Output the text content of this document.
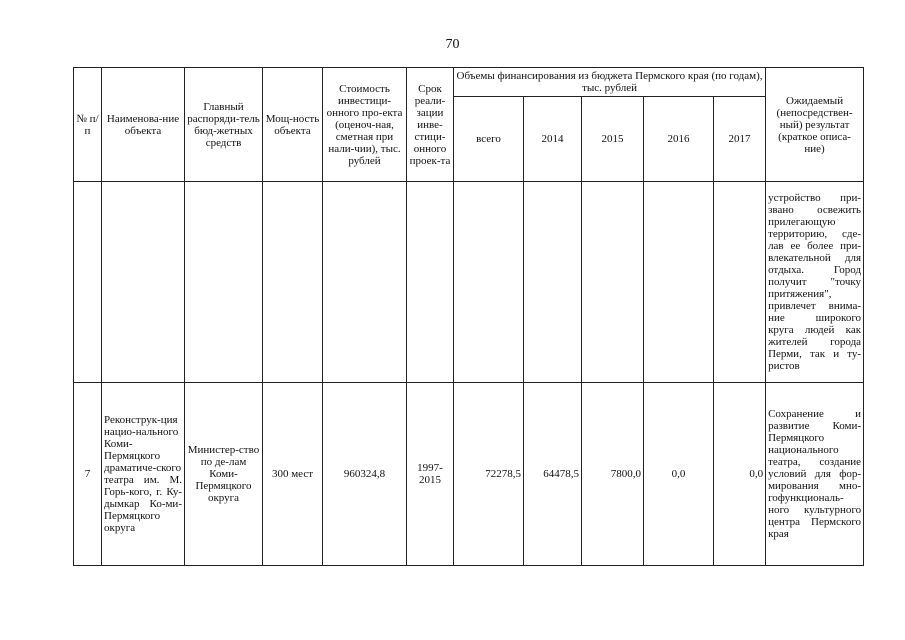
70
№ п/п	Наименова-ние объекта	Главный распоряди-тель бюд-жетных средств	Мощ-ность объекта	Стоимость инвестици-онного про-екта (оценоч-ная, сметная при нали-чии), тыс. рублей	Срок реали-зации инве-стици-онного проек-та	Объемы финансирования из бюджета Пермского края (по годам), тыс. рублей					Ожидаемый (непосредствен-ный) результат (краткое описа-ние)
						всего	2014	2015	2016	2017	
											устройство при-звано освежить прилегающую территорию, сде-лав ее более при-влекательной для отдыха. Город получит "точку притяжения", привлечет внима-ние широкого круга людей как жителей города Перми, так и ту-ристов
7	Реконструк-ция нацио-нального Коми-Пермяцкого драматиче-ского театра им. М. Горь-кого, г. Ку-дымкар Ко-ми-Пермяцкого округа	Министер-ство по де-лам Коми-Пермяцкого округа	300 мест	960324,8	1997-2015	72278,5	64478,5	7800,0	0,0	0,0	Сохранение и развитие Коми-Пермяцкого национального театра, создание условий для фор-мирования мно-гофункциональ-ного культурного центра Пермского края
